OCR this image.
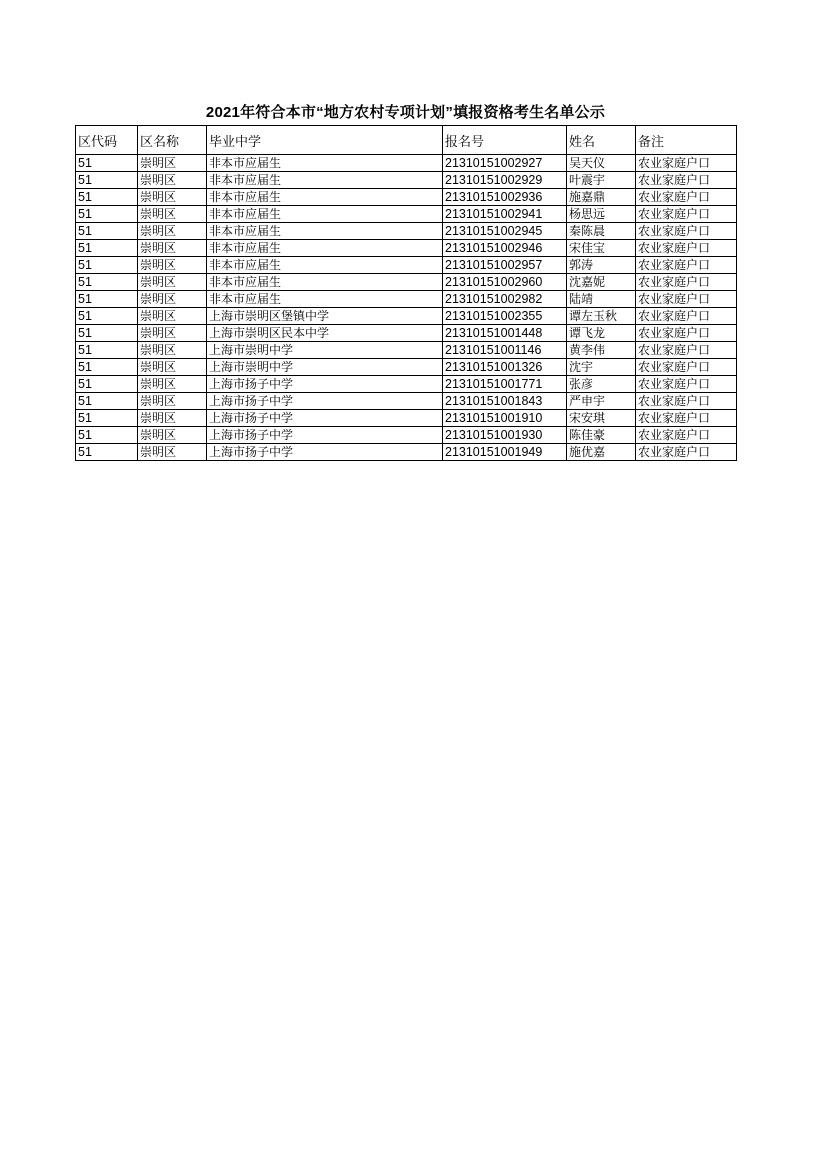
2021年符合本市“地方农村专项计划”填报资格考生名单公示
区代码	区名称	毕业中学	报名号	姓名	备注
51	崇明区	非本市应届生	21310151002927	吴天仪	农业家庭户口
51	崇明区	非本市应届生	21310151002929	叶震宇	农业家庭户口
51	崇明区	非本市应届生	21310151002936	施嘉鼎	农业家庭户口
51	崇明区	非本市应届生	21310151002941	杨思远	农业家庭户口
51	崇明区	非本市应届生	21310151002945	秦陈晨	农业家庭户口
51	崇明区	非本市应届生	21310151002946	宋佳宝	农业家庭户口
51	崇明区	非本市应届生	21310151002957	郭涛	农业家庭户口
51	崇明区	非本市应届生	21310151002960	沈嘉妮	农业家庭户口
51	崇明区	非本市应届生	21310151002982	陆靖	农业家庭户口
51	崇明区	上海市崇明区堡镇中学	21310151002355	谭左玉秋	农业家庭户口
51	崇明区	上海市崇明区民本中学	21310151001448	谭飞龙	农业家庭户口
51	崇明区	上海市崇明中学	21310151001146	黄李伟	农业家庭户口
51	崇明区	上海市崇明中学	21310151001326	沈宇	农业家庭户口
51	崇明区	上海市扬子中学	21310151001771	张彦	农业家庭户口
51	崇明区	上海市扬子中学	21310151001843	严申宇	农业家庭户口
51	崇明区	上海市扬子中学	21310151001910	宋安琪	农业家庭户口
51	崇明区	上海市扬子中学	21310151001930	陈佳豪	农业家庭户口
51	崇明区	上海市扬子中学	21310151001949	施优嘉	农业家庭户口
